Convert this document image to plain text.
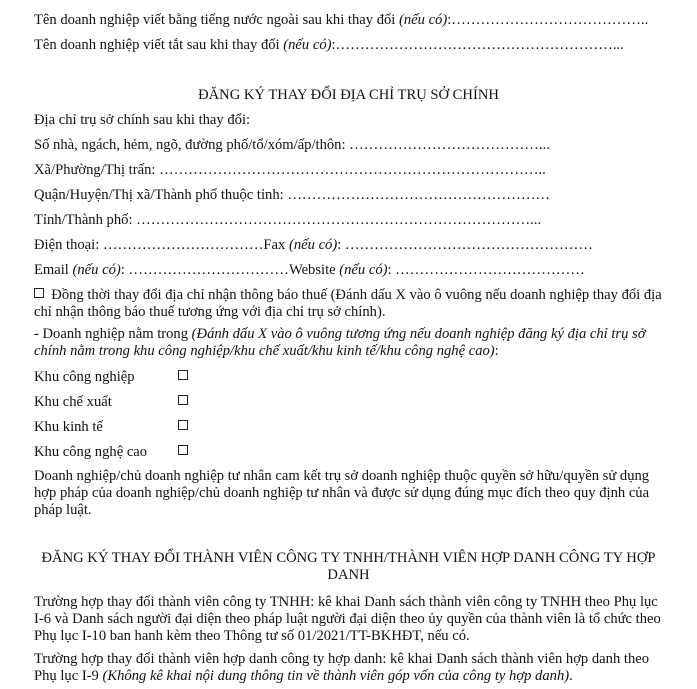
Tên doanh nghiệp viết bằng tiếng nước ngoài sau khi thay đổi (nếu có):…………………………………..
Tên doanh nghiệp viết tắt sau khi thay đổi (nếu có):…………………………………………………...
ĐĂNG KÝ THAY ĐỔI ĐỊA CHỈ TRỤ SỞ CHÍNH
Địa chỉ trụ sở chính sau khi thay đổi:
Số nhà, ngách, hẻm, ngõ, đường phố/tổ/xóm/ấp/thôn: …………………………………...
Xã/Phường/Thị trấn: ……………………………………………………………………..
Quận/Huyện/Thị xã/Thành phố thuộc tỉnh: ………………………………………………
Tỉnh/Thành phố: ………………………………………………………………………...
Điện thoại: ……………………………Fax (nếu có): ……………………………………………
Email (nếu có): ……………………………Website (nếu có): …………………………………
Đồng thời thay đổi địa chỉ nhận thông báo thuế (Đánh dấu X vào ô vuông nếu doanh nghiệp thay đổi địa chỉ nhận thông báo thuế tương ứng với địa chỉ trụ sở chính).
- Doanh nghiệp nằm trong (Đánh dấu X vào ô vuông tương ứng nếu doanh nghiệp đăng ký địa chỉ trụ sở chính nằm trong khu công nghiệp/khu chế xuất/khu kinh tế/khu công nghệ cao):
Khu công nghiệp
Khu chế xuất
Khu kinh tế
Khu công nghệ cao
Doanh nghiệp/chủ doanh nghiệp tư nhân cam kết trụ sở doanh nghiệp thuộc quyền sở hữu/quyền sử dụng hợp pháp của doanh nghiệp/chủ doanh nghiệp tư nhân và được sử dụng đúng mục đích theo quy định của pháp luật.
ĐĂNG KÝ THAY ĐỔI THÀNH VIÊN CÔNG TY TNHH/THÀNH VIÊN HỢP DANH CÔNG TY HỢP DANH
Trường hợp thay đổi thành viên công ty TNHH: kê khai Danh sách thành viên công ty TNHH theo Phụ lục I-6 và Danh sách người đại diện theo pháp luật người đại diện theo ủy quyền của thành viên là tổ chức theo Phụ lục I-10 ban hanh kèm theo Thông tư số 01/2021/TT-BKHĐT, nếu có.
Trường hợp thay đổi thành viên hợp danh công ty hợp danh: kê khai Danh sách thành viên hợp danh theo Phụ lục I-9 (Không kê khai nội dung thông tin về thành viên góp vốn của công ty hợp danh).
